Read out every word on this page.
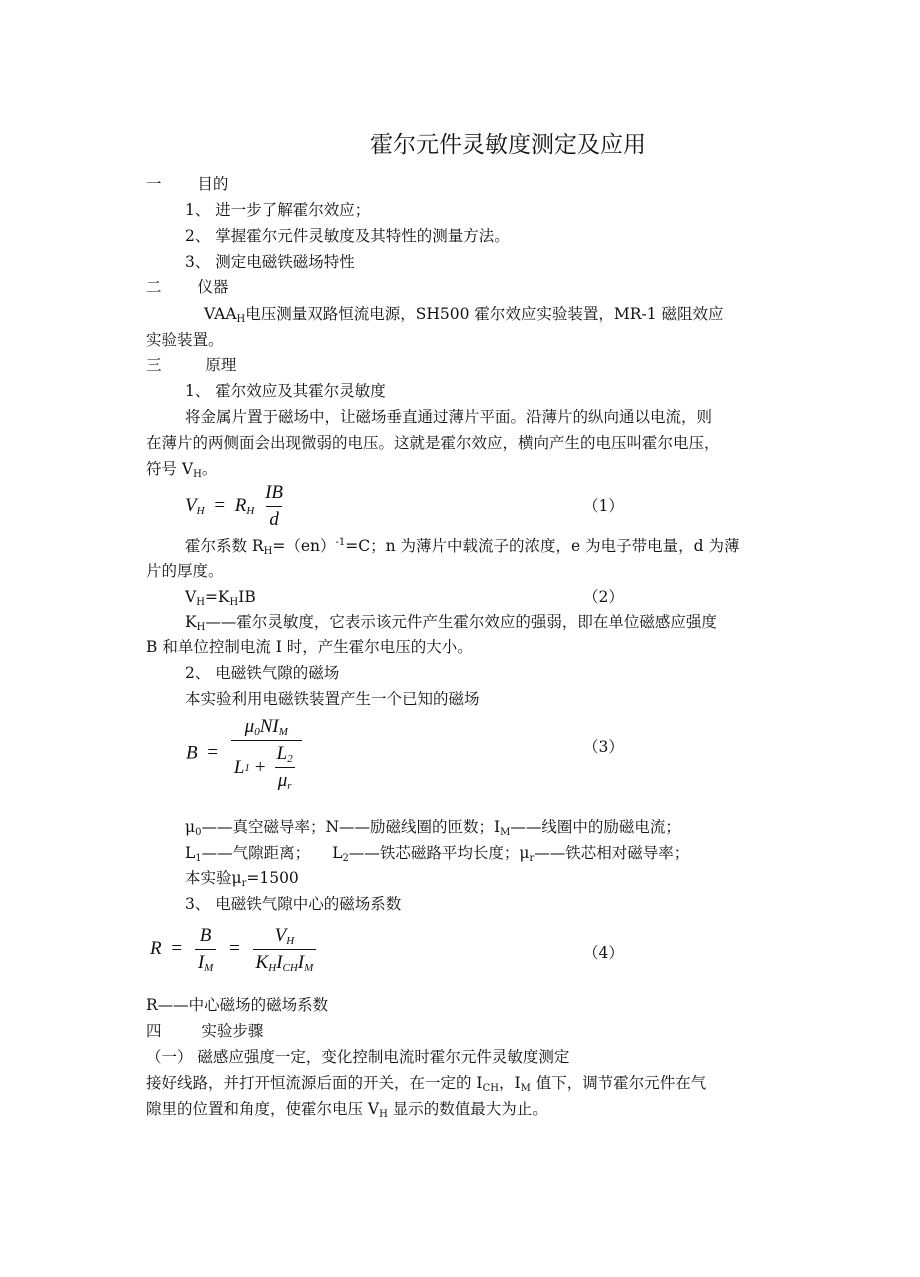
霍尔元件灵敏度测定及应用
一 目的
1、 进一步了解霍尔效应；
2、 掌握霍尔元件灵敏度及其特性的测量方法。
3、 测定电磁铁磁场特性
二 仪器
$VAA_H$电压测量双路恒流电源，SH500 霍尔效应实验装置，MR-1 磁阻效应
实验装置。
三	原理
1、 霍尔效应及其霍尔灵敏度
将金属片置于磁场中，让磁场垂直通过薄片平面。沿薄片的纵向通以电流，则
在薄片的两侧面会出现微弱的电压。这就是霍尔效应，横向产生的电压叫霍尔电压，
符号 $V_H$。
$V_H = R_H \frac{IB}{d}$	（1）
霍尔系数 $R_H=(en)^{-1}=C$；n 为薄片中载流子的浓度，e 为电子带电量，d 为薄
片的厚度。
$V_H=K_HIB$	（2）
$K_H——$霍尔灵敏度，它表示该元件产生霍尔效应的强弱，即在单位磁感应强度
B 和单位控制电流 I 时，产生霍尔电压的大小。
2、 电磁铁气隙的磁场
本实验利用电磁铁装置产生一个已知的磁场
$B = \frac{\mu_0NI_M}{L 1 + \frac{L_2}{\mu_r}}$	（3）
$\mu_0——$真空磁导率；N——励磁线圈的匝数；$I_M——$线圈中的励磁电流；
$L_1——$气隙距离； $L_2——$铁芯磁路平均长度；$\mu_r——$铁芯相对磁导率；
本实验$\mu_r=1500$
3、 电磁铁气隙中心的磁场系数
$R = \frac{B}{I_M} = \frac{V_H}{K_HI_{CH}I_M}$	（4）
R——中心磁场的磁场系数
四	实验步骤
（一） 磁感应强度一定，变化控制电流时霍尔元件灵敏度测定
接好线路，并打开恒流源后面的开关，在一定的 $I_{CH}$，$I_M$ 值下，调节霍尔元件在气
隙里的位置和角度，使霍尔电压 $V_H$ 显示的数值最大为止。
